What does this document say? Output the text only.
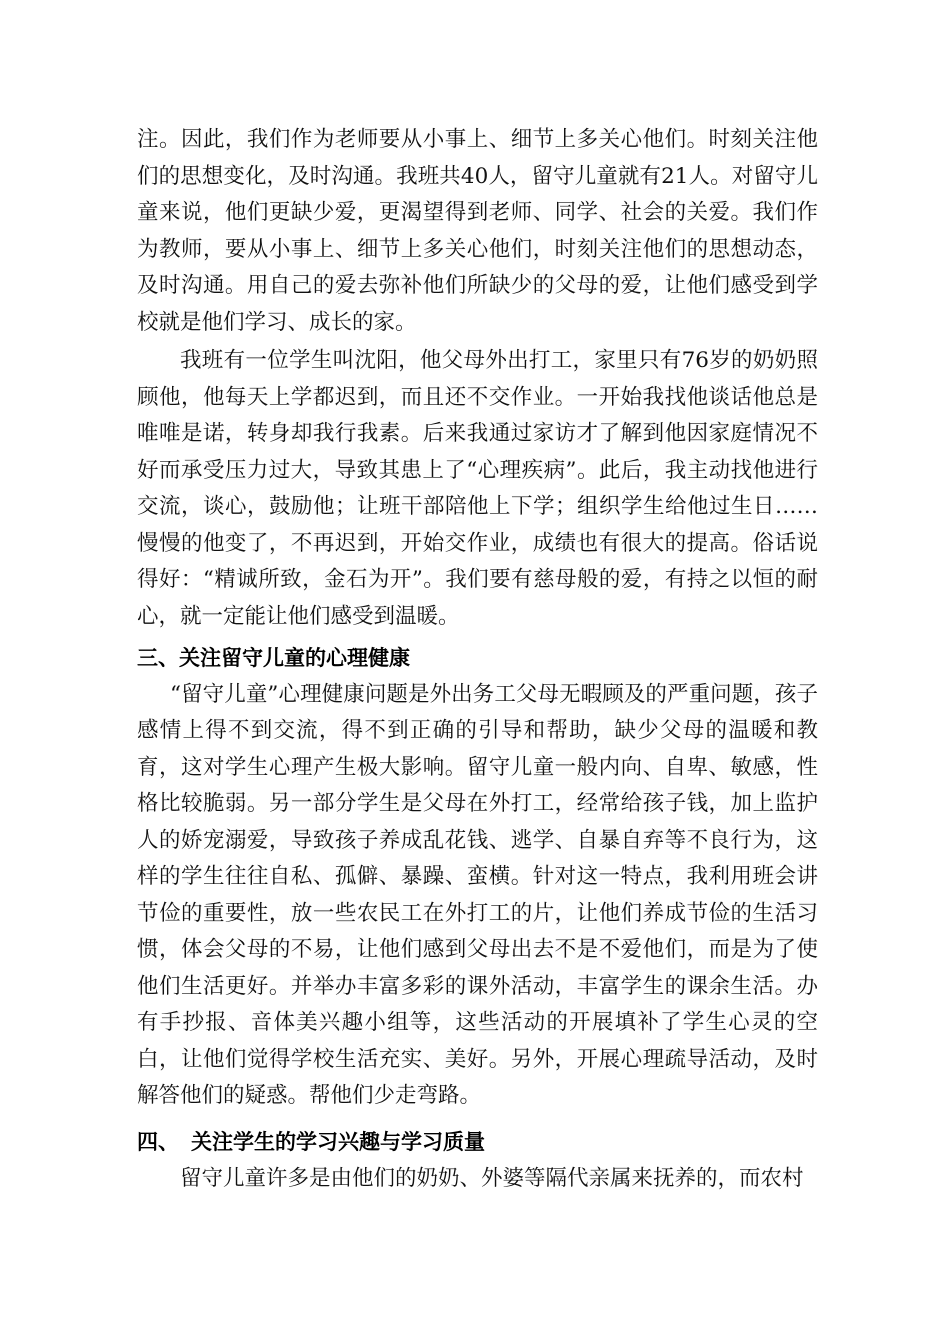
注。因此，我们作为老师要从小事上、细节上多关心他们。时刻关注他们的思想变化，及时沟通。我班共40人，留守儿童就有21人。对留守儿童来说，他们更缺少爱，更渴望得到老师、同学、社会的关爱。我们作为教师，要从小事上、细节上多关心他们，时刻关注他们的思想动态，及时沟通。用自己的爱去弥补他们所缺少的父母的爱，让他们感受到学校就是他们学习、成长的家。

我班有一位学生叫沈阳，他父母外出打工，家里只有76岁的奶奶照顾他，他每天上学都迟到，而且还不交作业。一开始我找他谈话他总是唯唯是诺，转身却我行我素。后来我通过家访才了解到他因家庭情况不好而承受压力过大，导致其患上了“心理疾病”。此后，我主动找他进行交流，谈心，鼓励他；让班干部陪他上下学；组织学生给他过生日……慢慢的他变了，不再迟到，开始交作业，成绩也有很大的提高。俗话说得好：“精诚所致，金石为开”。我们要有慈母般的爱，有持之以恒的耐心，就一定能让他们感受到温暖。

三、关注留守儿童的心理健康

“留守儿童”心理健康问题是外出务工父母无暇顾及的严重问题，孩子感情上得不到交流，得不到正确的引导和帮助，缺少父母的温暖和教育，这对学生心理产生极大影响。留守儿童一般内向、自卑、敏感，性格比较脆弱。另一部分学生是父母在外打工，经常给孩子钱，加上监护人的娇宠溺爱，导致孩子养成乱花钱、逃学、自暴自弃等不良行为，这样的学生往往自私、孤僻、暴躁、蛮横。针对这一特点，我利用班会讲节俭的重要性，放一些农民工在外打工的片，让他们养成节俭的生活习惯，体会父母的不易，让他们感到父母出去不是不爱他们，而是为了使他们生活更好。并举办丰富多彩的课外活动，丰富学生的课余生活。办有手抄报、音体美兴趣小组等，这些活动的开展填补了学生心灵的空白，让他们觉得学校生活充实、美好。另外，开展心理疏导活动，及时解答他们的疑惑。帮他们少走弯路。

四、 关注学生的学习兴趣与学习质量

留守儿童许多是由他们的奶奶、外婆等隔代亲属来抚养的，而农村
